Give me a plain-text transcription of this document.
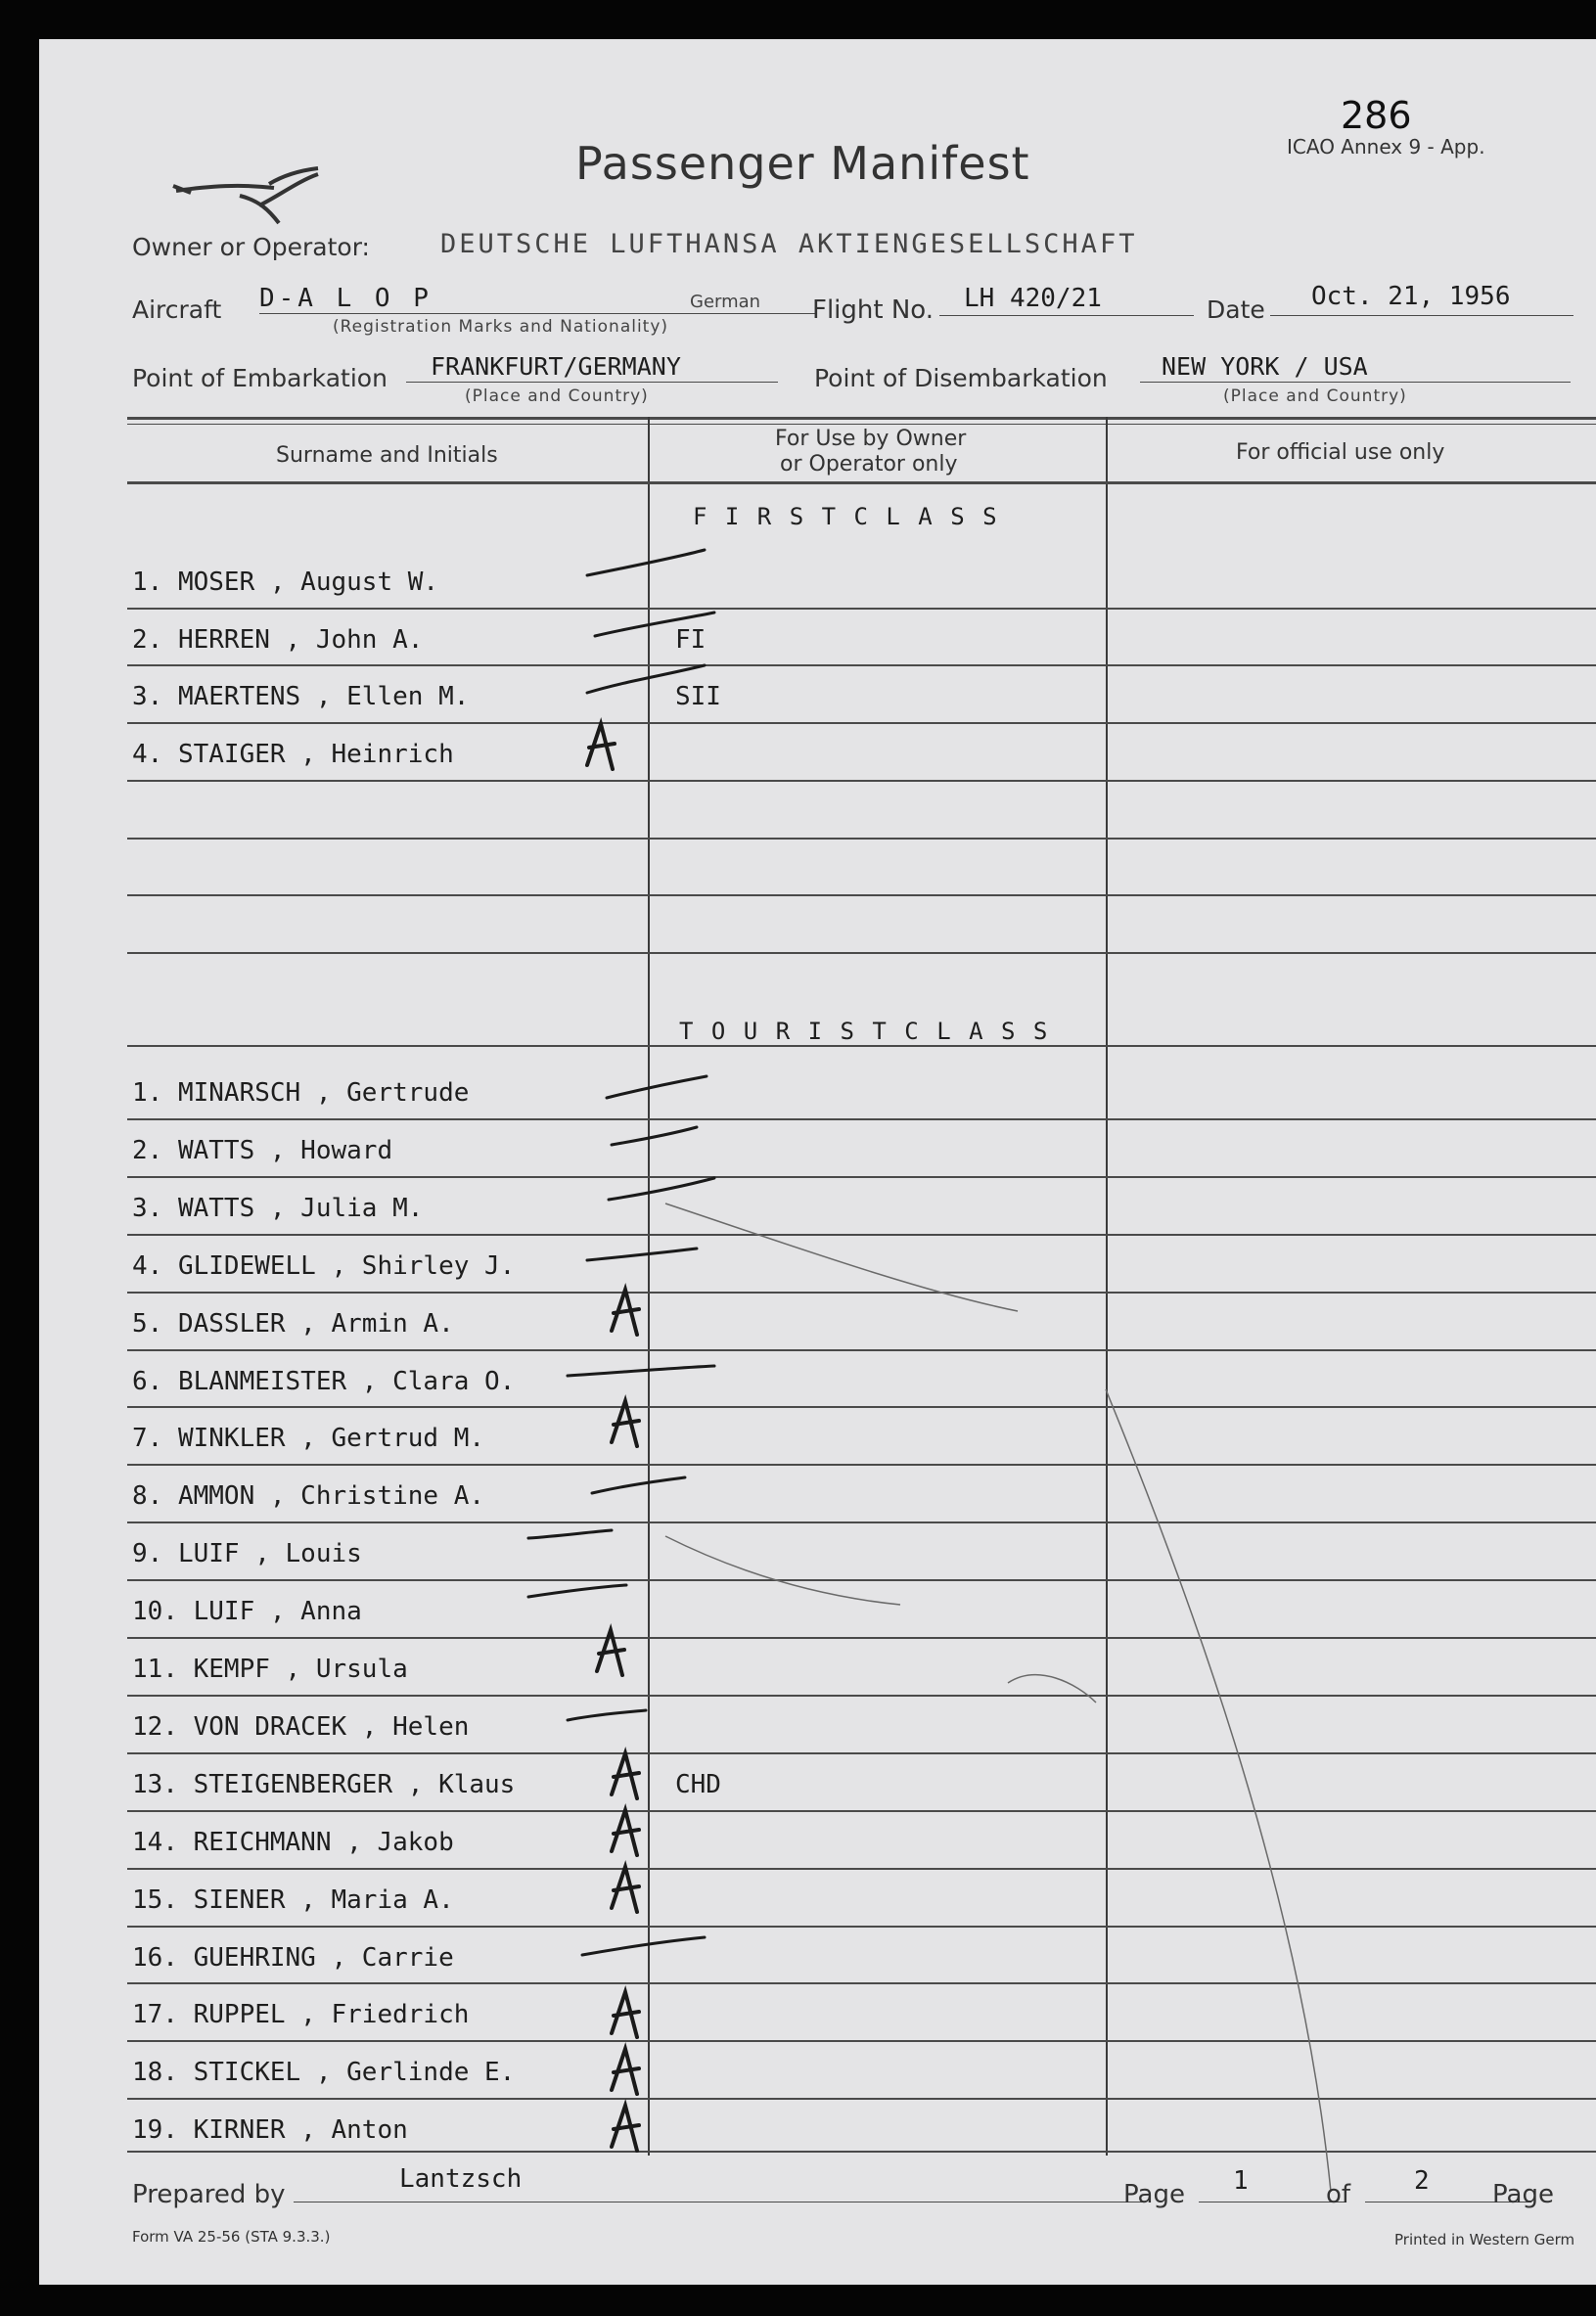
286
ICAO Annex 9 - App.
Passenger Manifest
Owner or Operator:	DEUTSCHE LUFTHANSA AKTIENGESELLSCHAFT
Aircraft D-A L O P	German
(Registration Marks and Nationality)
Flight No. LH 420/21	Date Oct. 21, 1956
Point of Embarkation FRANKFURT/GERMANY
(Place and Country)
Point of Disembarkation NEW YORK / USA
(Place and Country)
Surname and Initials
For Use by Owner
or Operator only	For official use only
F I R S T C L A S S
T O U R I S T C L A S S
1. MOSER , August W.
2. HERREN , John A.	FI
3. MAERTENS , Ellen M.	SII
4. STAIGER , Heinrich
1. MINARSCH , Gertrude
2. WATTS , Howard
3. WATTS , Julia M.
4. GLIDEWELL , Shirley J.
5. DASSLER , Armin A.
6. BLANMEISTER , Clara O.
7. WINKLER , Gertrud M.
8. AMMON , Christine A.
9. LUIF , Louis
10. LUIF , Anna
11. KEMPF , Ursula
12. VON DRACEK , Helen
13. STEIGENBERGER , Klaus	CHD
14. REICHMANN , Jakob
15. SIENER , Maria A.
16. GUEHRING , Carrie
17. RUPPEL , Friedrich
18. STICKEL , Gerlinde E.
19. KIRNER , Anton
Prepared by
Lantzsch
Page 1	of 2 Page
Form VA 25-56 (STA 9.3.3.)	Printed in Western Germ
